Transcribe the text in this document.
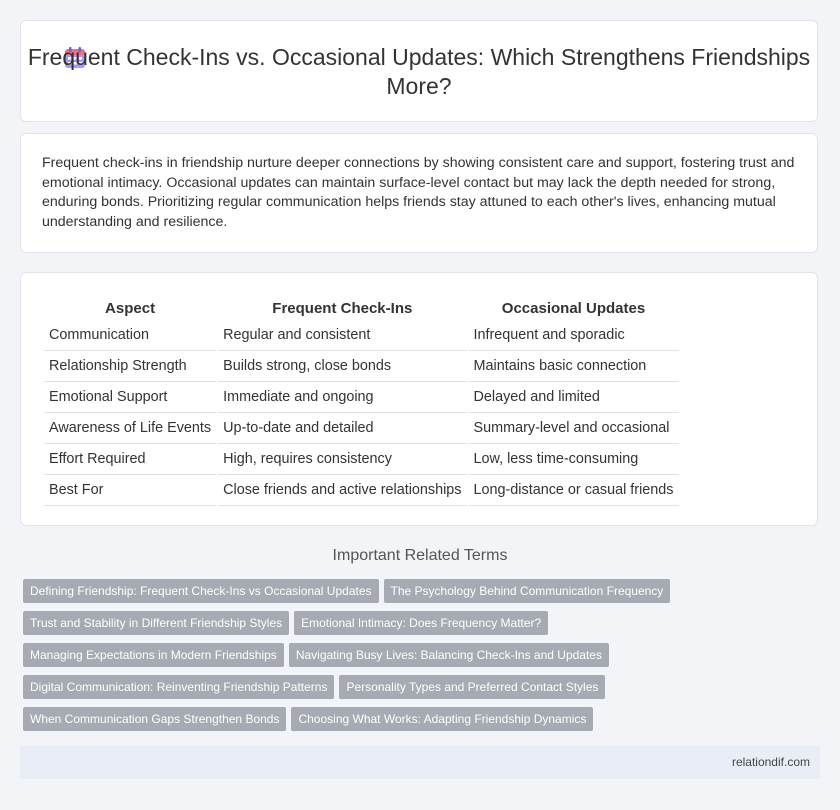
Frequent Check-Ins vs. Occasional Updates: Which Strengthens Friendships More?
Frequent check-ins in friendship nurture deeper connections by showing consistent care and support, fostering trust and emotional intimacy. Occasional updates can maintain surface-level contact but may lack the depth needed for strong, enduring bonds. Prioritizing regular communication helps friends stay attuned to each other's lives, enhancing mutual understanding and resilience.
Aspect	Frequent Check-Ins	Occasional Updates
Communication	Regular and consistent	Infrequent and sporadic
Relationship Strength	Builds strong, close bonds	Maintains basic connection
Emotional Support	Immediate and ongoing	Delayed and limited
Awareness of Life Events	Up-to-date and detailed	Summary-level and occasional
Effort Required	High, requires consistency	Low, less time-consuming
Best For	Close friends and active relationships	Long-distance or casual friends
Important Related Terms
Defining Friendship: Frequent Check-Ins vs Occasional Updates The Psychology Behind Communication Frequency
Trust and Stability in Different Friendship Styles Emotional Intimacy: Does Frequency Matter?
Managing Expectations in Modern Friendships Navigating Busy Lives: Balancing Check-Ins and Updates
Digital Communication: Reinventing Friendship Patterns Personality Types and Preferred Contact Styles
When Communication Gaps Strengthen Bonds Choosing What Works: Adapting Friendship Dynamics
relationdif.com
